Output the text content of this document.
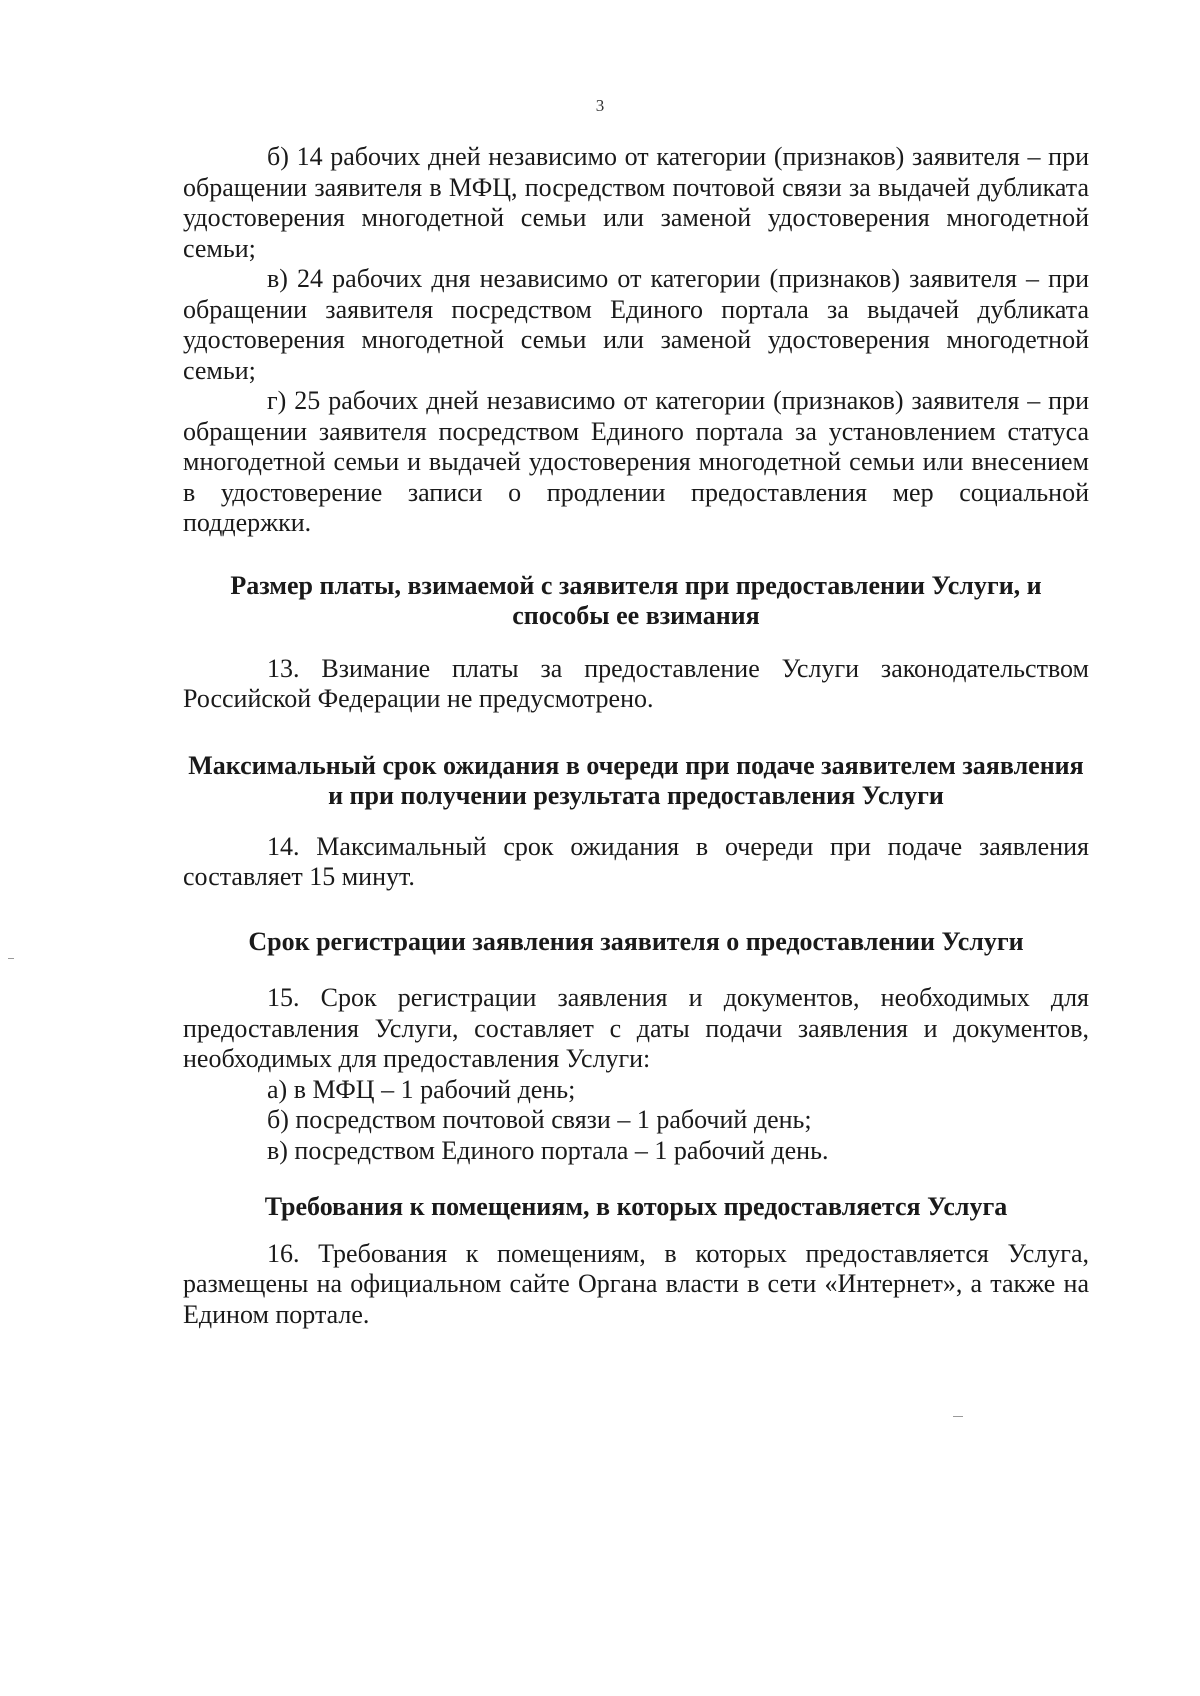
3

б) 14 рабочих дней независимо от категории (признаков) заявителя – при обращении заявителя в МФЦ, посредством почтовой связи за выдачей дубликата удостоверения многодетной семьи или заменой удостоверения многодетной семьи;

в) 24 рабочих дня независимо от категории (признаков) заявителя – при обращении заявителя посредством Единого портала за выдачей дубликата удостоверения многодетной семьи или заменой удостоверения многодетной семьи;

г) 25 рабочих дней независимо от категории (признаков) заявителя – при обращении заявителя посредством Единого портала за установлением статуса многодетной семьи и выдачей удостоверения многодетной семьи или внесением в удостоверение записи о продлении предоставления мер социальной поддержки.

Размер платы, взимаемой с заявителя при предоставлении Услуги, и способы ее взимания

13. Взимание платы за предоставление Услуги законодательством Российской Федерации не предусмотрено.

Максимальный срок ожидания в очереди при подаче заявителем заявления и при получении результата предоставления Услуги

14. Максимальный срок ожидания в очереди при подаче заявления составляет 15 минут.

Срок регистрации заявления заявителя о предоставлении Услуги

15. Срок регистрации заявления и документов, необходимых для предоставления Услуги, составляет с даты подачи заявления и документов, необходимых для предоставления Услуги:

а) в МФЦ – 1 рабочий день;

б) посредством почтовой связи – 1 рабочий день;

в) посредством Единого портала – 1 рабочий день.

Требования к помещениям, в которых предоставляется Услуга

16. Требования к помещениям, в которых предоставляется Услуга, размещены на официальном сайте Органа власти в сети «Интернет», а также на Едином портале.
